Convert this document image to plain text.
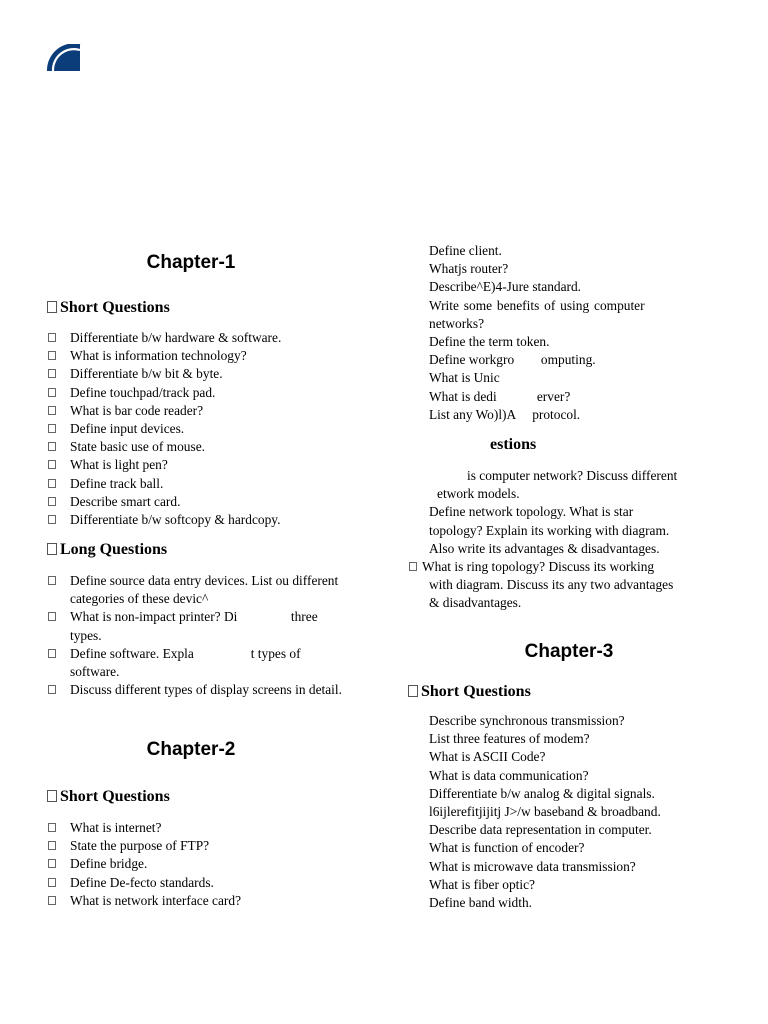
Chapter-1
Short Questions
Differentiate b/w hardware & software.
What is information technology?
Differentiate b/w bit & byte.
Define touchpad/track pad.
What is bar code reader?
Define input devices.
State basic use of mouse.
What is light pen?
Define track ball.
Describe smart card.
Differentiate b/w softcopy & hardcopy.
Long Questions
Define source data entry devices. List ou different categories of these devic^
What is non-impact printer? Di                three types.
Define software. Expla                 t types of software.
Discuss different types of display screens in detail.
Chapter-2
Short Questions
What is internet?
State the purpose of FTP?
Define bridge.
Define De-fecto standards.
What is network interface card?
Define client.
Whatjs router?
Describe^E)4-Jure standard.
Write some benefits of using computer
networks?
Define the term token.
Define workgro        omputing.
What is Unic
What is dedi            erver?
List any Wo)l)A     protocol.
estions
is computer network? Discuss different
etwork models.
Define network topology. What is star
topology? Explain its working with diagram.
Also write its advantages & disadvantages.
What is ring topology? Discuss its working
with diagram. Discuss its any two advantages
& disadvantages.
Chapter-3
Short Questions
Describe synchronous transmission?
List three features of modem?
What is ASCII Code?
What is data communication?
Differentiate b/w analog & digital signals.
l6ijlerefitjijitj J>/w baseband & broadband.
Describe data representation in computer.
What is function of encoder?
What is microwave data transmission?
What is fiber optic?
Define band width.
